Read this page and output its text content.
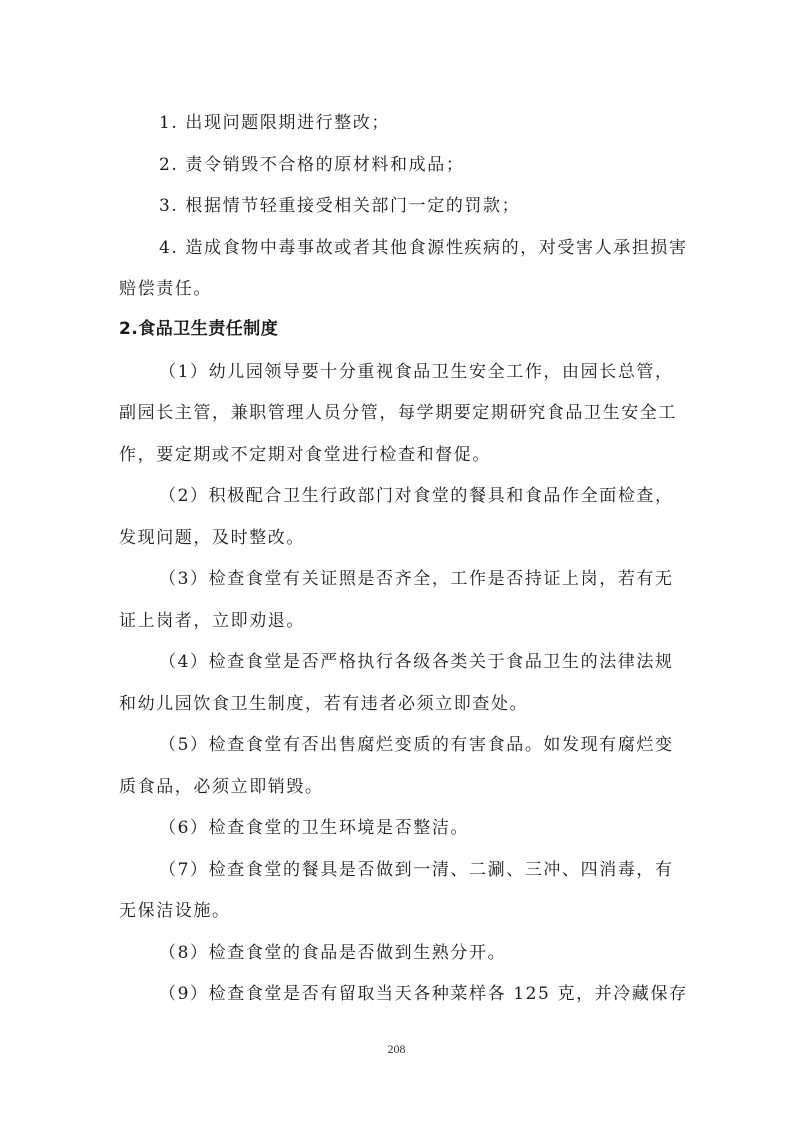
1. 出现问题限期进行整改；
2. 责令销毁不合格的原材料和成品；
3. 根据情节轻重接受相关部门一定的罚款；
4. 造成食物中毒事故或者其他食源性疾病的，对受害人承担损害
赔偿责任。
2.食品卫生责任制度
（1）幼儿园领导要十分重视食品卫生安全工作，由园长总管，
副园长主管，兼职管理人员分管，每学期要定期研究食品卫生安全工
作，要定期或不定期对食堂进行检查和督促。
（2）积极配合卫生行政部门对食堂的餐具和食品作全面检查，
发现问题，及时整改。
（3）检查食堂有关证照是否齐全，工作是否持证上岗，若有无
证上岗者，立即劝退。
（4）检查食堂是否严格执行各级各类关于食品卫生的法律法规
和幼儿园饮食卫生制度，若有违者必须立即查处。
（5）检查食堂有否出售腐烂变质的有害食品。如发现有腐烂变
质食品，必须立即销毁。
（6）检查食堂的卫生环境是否整洁。
（7）检查食堂的餐具是否做到一清、二涮、三冲、四消毒，有
无保洁设施。
（8）检查食堂的食品是否做到生熟分开。
（9）检查食堂是否有留取当天各种菜样各 125 克，并冷藏保存
208
